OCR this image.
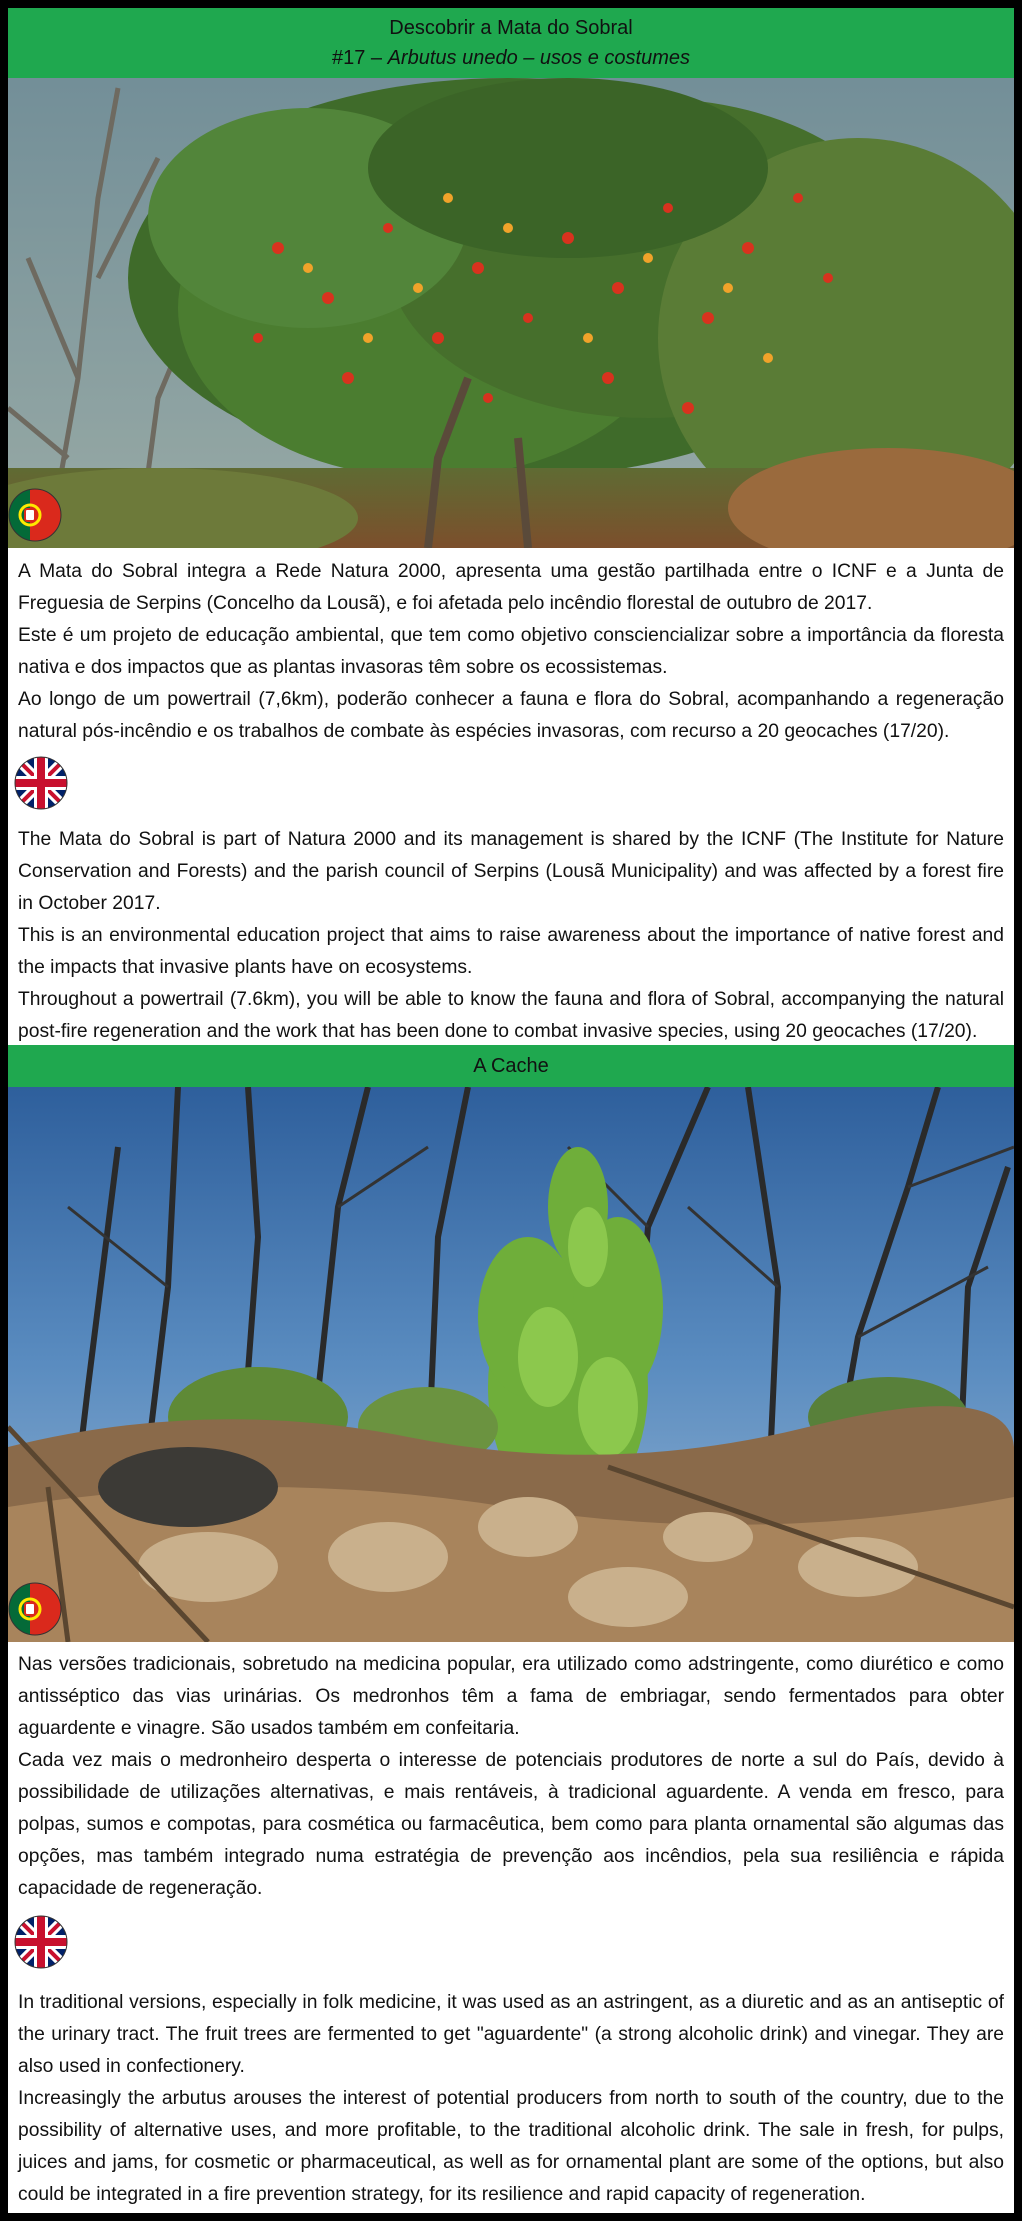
Descobrir a Mata do Sobral
#17 – Arbutus unedo – usos e costumes

A Mata do Sobral integra a Rede Natura 2000, apresenta uma gestão partilhada entre o ICNF e a Junta de Freguesia de Serpins (Concelho da Lousã), e foi afetada pelo incêndio florestal de outubro de 2017.

Este é um projeto de educação ambiental, que tem como objetivo consciencializar sobre a importância da floresta nativa e dos impactos que as plantas invasoras têm sobre os ecossistemas.

Ao longo de um powertrail (7,6km), poderão conhecer a fauna e flora do Sobral, acompanhando a regeneração natural pós-incêndio e os trabalhos de combate às espécies invasoras, com recurso a 20 geocaches (17/20).

The Mata do Sobral is part of Natura 2000 and its management is shared by the ICNF (The Institute for Nature Conservation and Forests) and the parish council of Serpins (Lousã Municipality) and was affected by a forest fire in October 2017.

This is an environmental education project that aims to raise awareness about the importance of native forest and the impacts that invasive plants have on ecosystems.

Throughout a powertrail (7.6km), you will be able to know the fauna and flora of Sobral, accompanying the natural post-fire regeneration and the work that has been done to combat invasive species, using 20 geocaches (17/20).

A Cache

Nas versões tradicionais, sobretudo na medicina popular, era utilizado como adstringente, como diurético e como antisséptico das vias urinárias. Os medronhos têm a fama de embriagar, sendo fermentados para obter aguardente e vinagre. São usados também em confeitaria.

Cada vez mais o medronheiro desperta o interesse de potenciais produtores de norte a sul do País, devido à possibilidade de utilizações alternativas, e mais rentáveis, à tradicional aguardente. A venda em fresco, para polpas, sumos e compotas, para cosmética ou farmacêutica, bem como para planta ornamental são algumas das opções, mas também integrado numa estratégia de prevenção aos incêndios, pela sua resiliência e rápida capacidade de regeneração.

In traditional versions, especially in folk medicine, it was used as an astringent, as a diuretic and as an antiseptic of the urinary tract. The fruit trees are fermented to get "aguardente" (a strong alcoholic drink) and vinegar. They are also used in confectionery.

Increasingly the arbutus arouses the interest of potential producers from north to south of the country, due to the possibility of alternative uses, and more profitable, to the traditional alcoholic drink. The sale in fresh, for pulps, juices and jams, for cosmetic or pharmaceutical, as well as for ornamental plant are some of the options, but also could be integrated in a fire prevention strategy, for its resilience and rapid capacity of regeneration.
